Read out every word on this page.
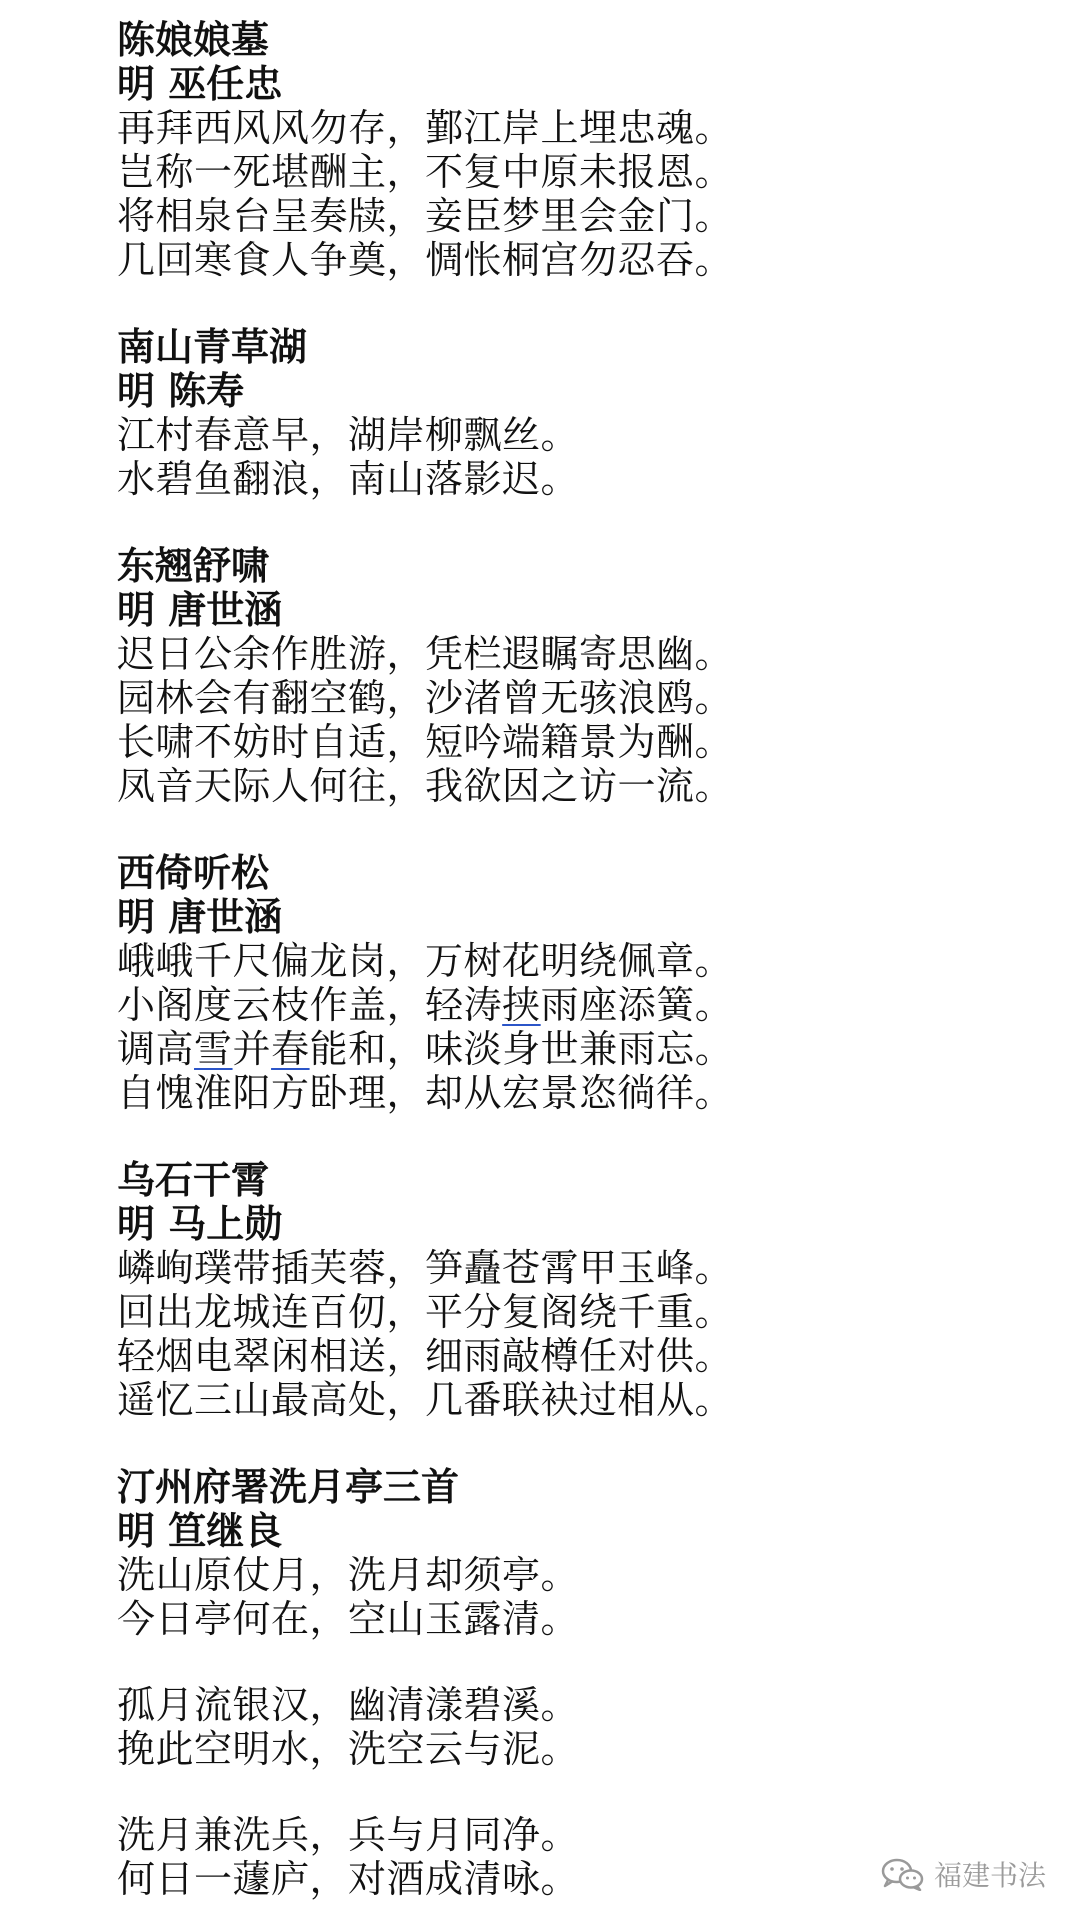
陈娘娘墓
明 巫任忠
再拜西风风勿存，鄞江岸上埋忠魂。
岂称一死堪酬主，不复中原未报恩。
将相泉台呈奏牍，妾臣梦里会金门。
几回寒食人争奠，惆怅桐宫勿忍吞。
南山青草湖
明 陈寿
江村春意早，湖岸柳飘丝。
水碧鱼翻浪，南山落影迟。
东翘舒啸
明 唐世涵
迟日公余作胜游，凭栏遐瞩寄思幽。
园林会有翻空鹤，沙渚曾无骇浪鸥。
长啸不妨时自适，短吟端籍景为酬。
凤音天际人何往，我欲因之访一流。
西倚听松
明 唐世涵
峨峨千尺偏龙岗，万树花明绕佩章。
小阁度云枝作盖，轻涛挟雨座添簧。
调高雪并春能和，味淡身世兼雨忘。
自愧淮阳方卧理，却从宏景恣徜徉。
乌石干霄
明 马上勋
嶙峋璞带插芙蓉，笋矗苍霄甲玉峰。
回出龙城连百仞，平分复阁绕千重。
轻烟电翠闲相送，细雨敲樽任对供。
遥忆三山最高处，几番联袂过相从。
汀州府署洗月亭三首
明 笪继良
洗山原仗月，洗月却须亭。
今日亭何在，空山玉露清。
孤月流银汉，幽清漾碧溪。
挽此空明水，洗空云与泥。
洗月兼洗兵，兵与月同净。
何日一蘧庐，对酒成清咏。	福建书法
